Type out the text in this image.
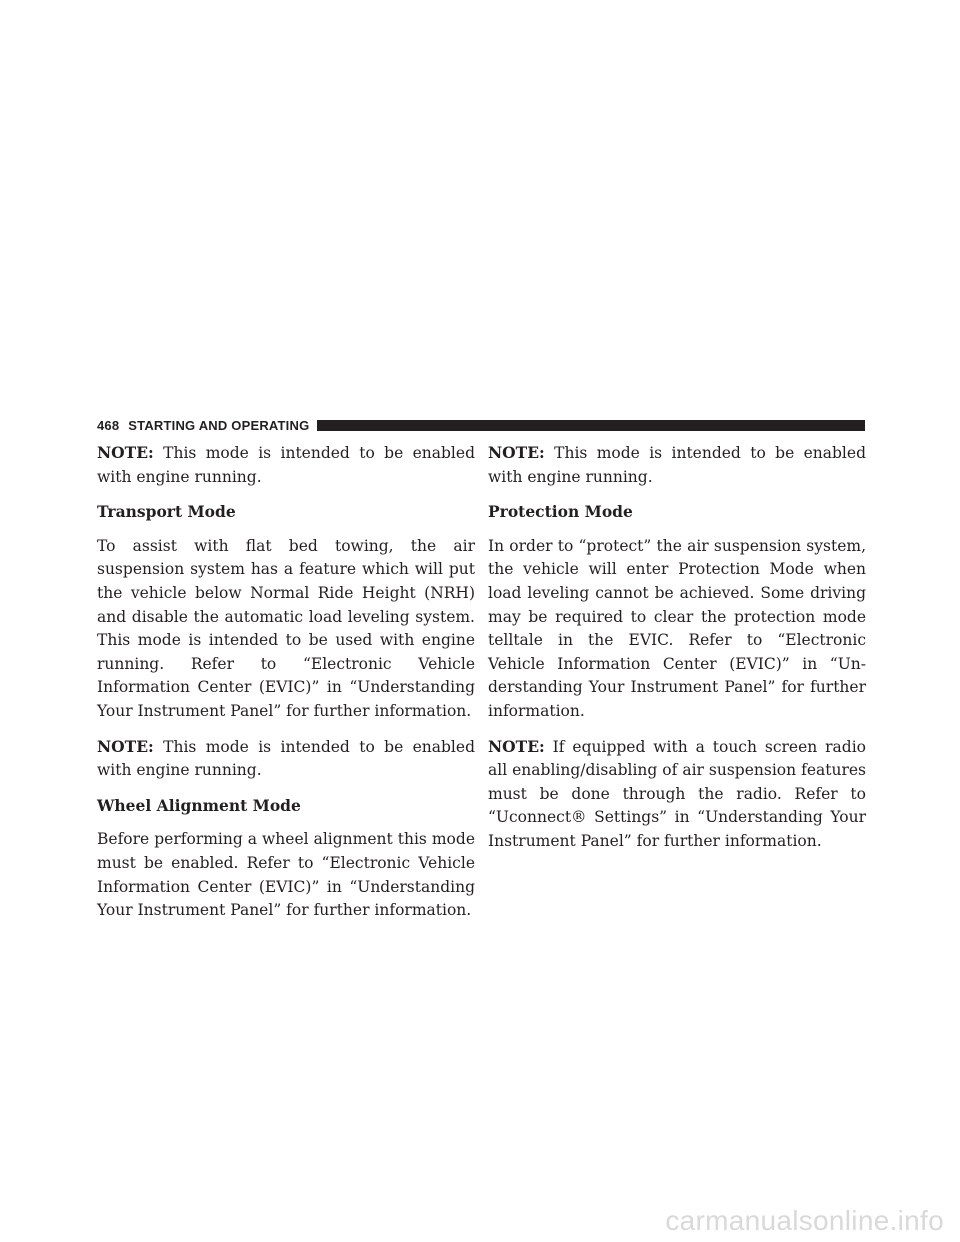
468 STARTING AND OPERATING

NOTE: This mode is intended to be enabled with engine running.

Transport Mode

To assist with flat bed towing, the air suspension system has a feature which will put the vehicle below Normal Ride Height (NRH) and disable the automatic load leveling system. This mode is intended to be used with engine running. Refer to “Electronic Vehicle Information Center (EVIC)” in “Understanding Your Instrument Panel” for further information.

NOTE: This mode is intended to be enabled with engine running.

Wheel Alignment Mode

Before performing a wheel alignment this mode must be enabled. Refer to “Electronic Vehicle Information Center (EVIC)” in “Understanding Your Instrument Panel” for further information.

NOTE: This mode is intended to be enabled with engine running.

Protection Mode

In order to “protect” the air suspension system, the vehicle will enter Protection Mode when load leveling cannot be achieved. Some driving may be required to clear the protection mode telltale in the EVIC. Refer to “Electronic Vehicle Information Center (EVIC)” in “Understanding Your Instrument Panel” for further information.

NOTE: If equipped with a touch screen radio all enabling/disabling of air suspension features must be done through the radio. Refer to “Uconnect® Settings” in “Understanding Your Instrument Panel” for further information.

carmanualsonline.info
